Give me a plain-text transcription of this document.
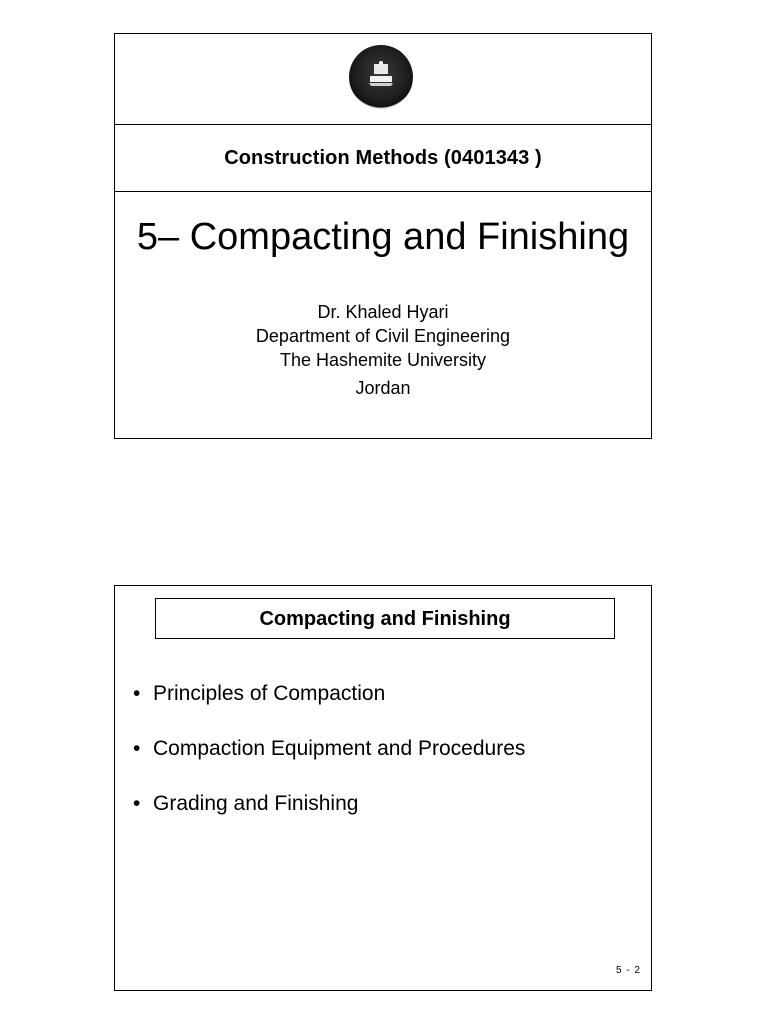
Construction Methods (0401343 )
5– Compacting and Finishing
Dr. Khaled Hyari
Department of Civil Engineering
The Hashemite University
Jordan
Compacting and Finishing
• Principles of Compaction
• Compaction Equipment and Procedures
• Grading and Finishing
5 - 2
